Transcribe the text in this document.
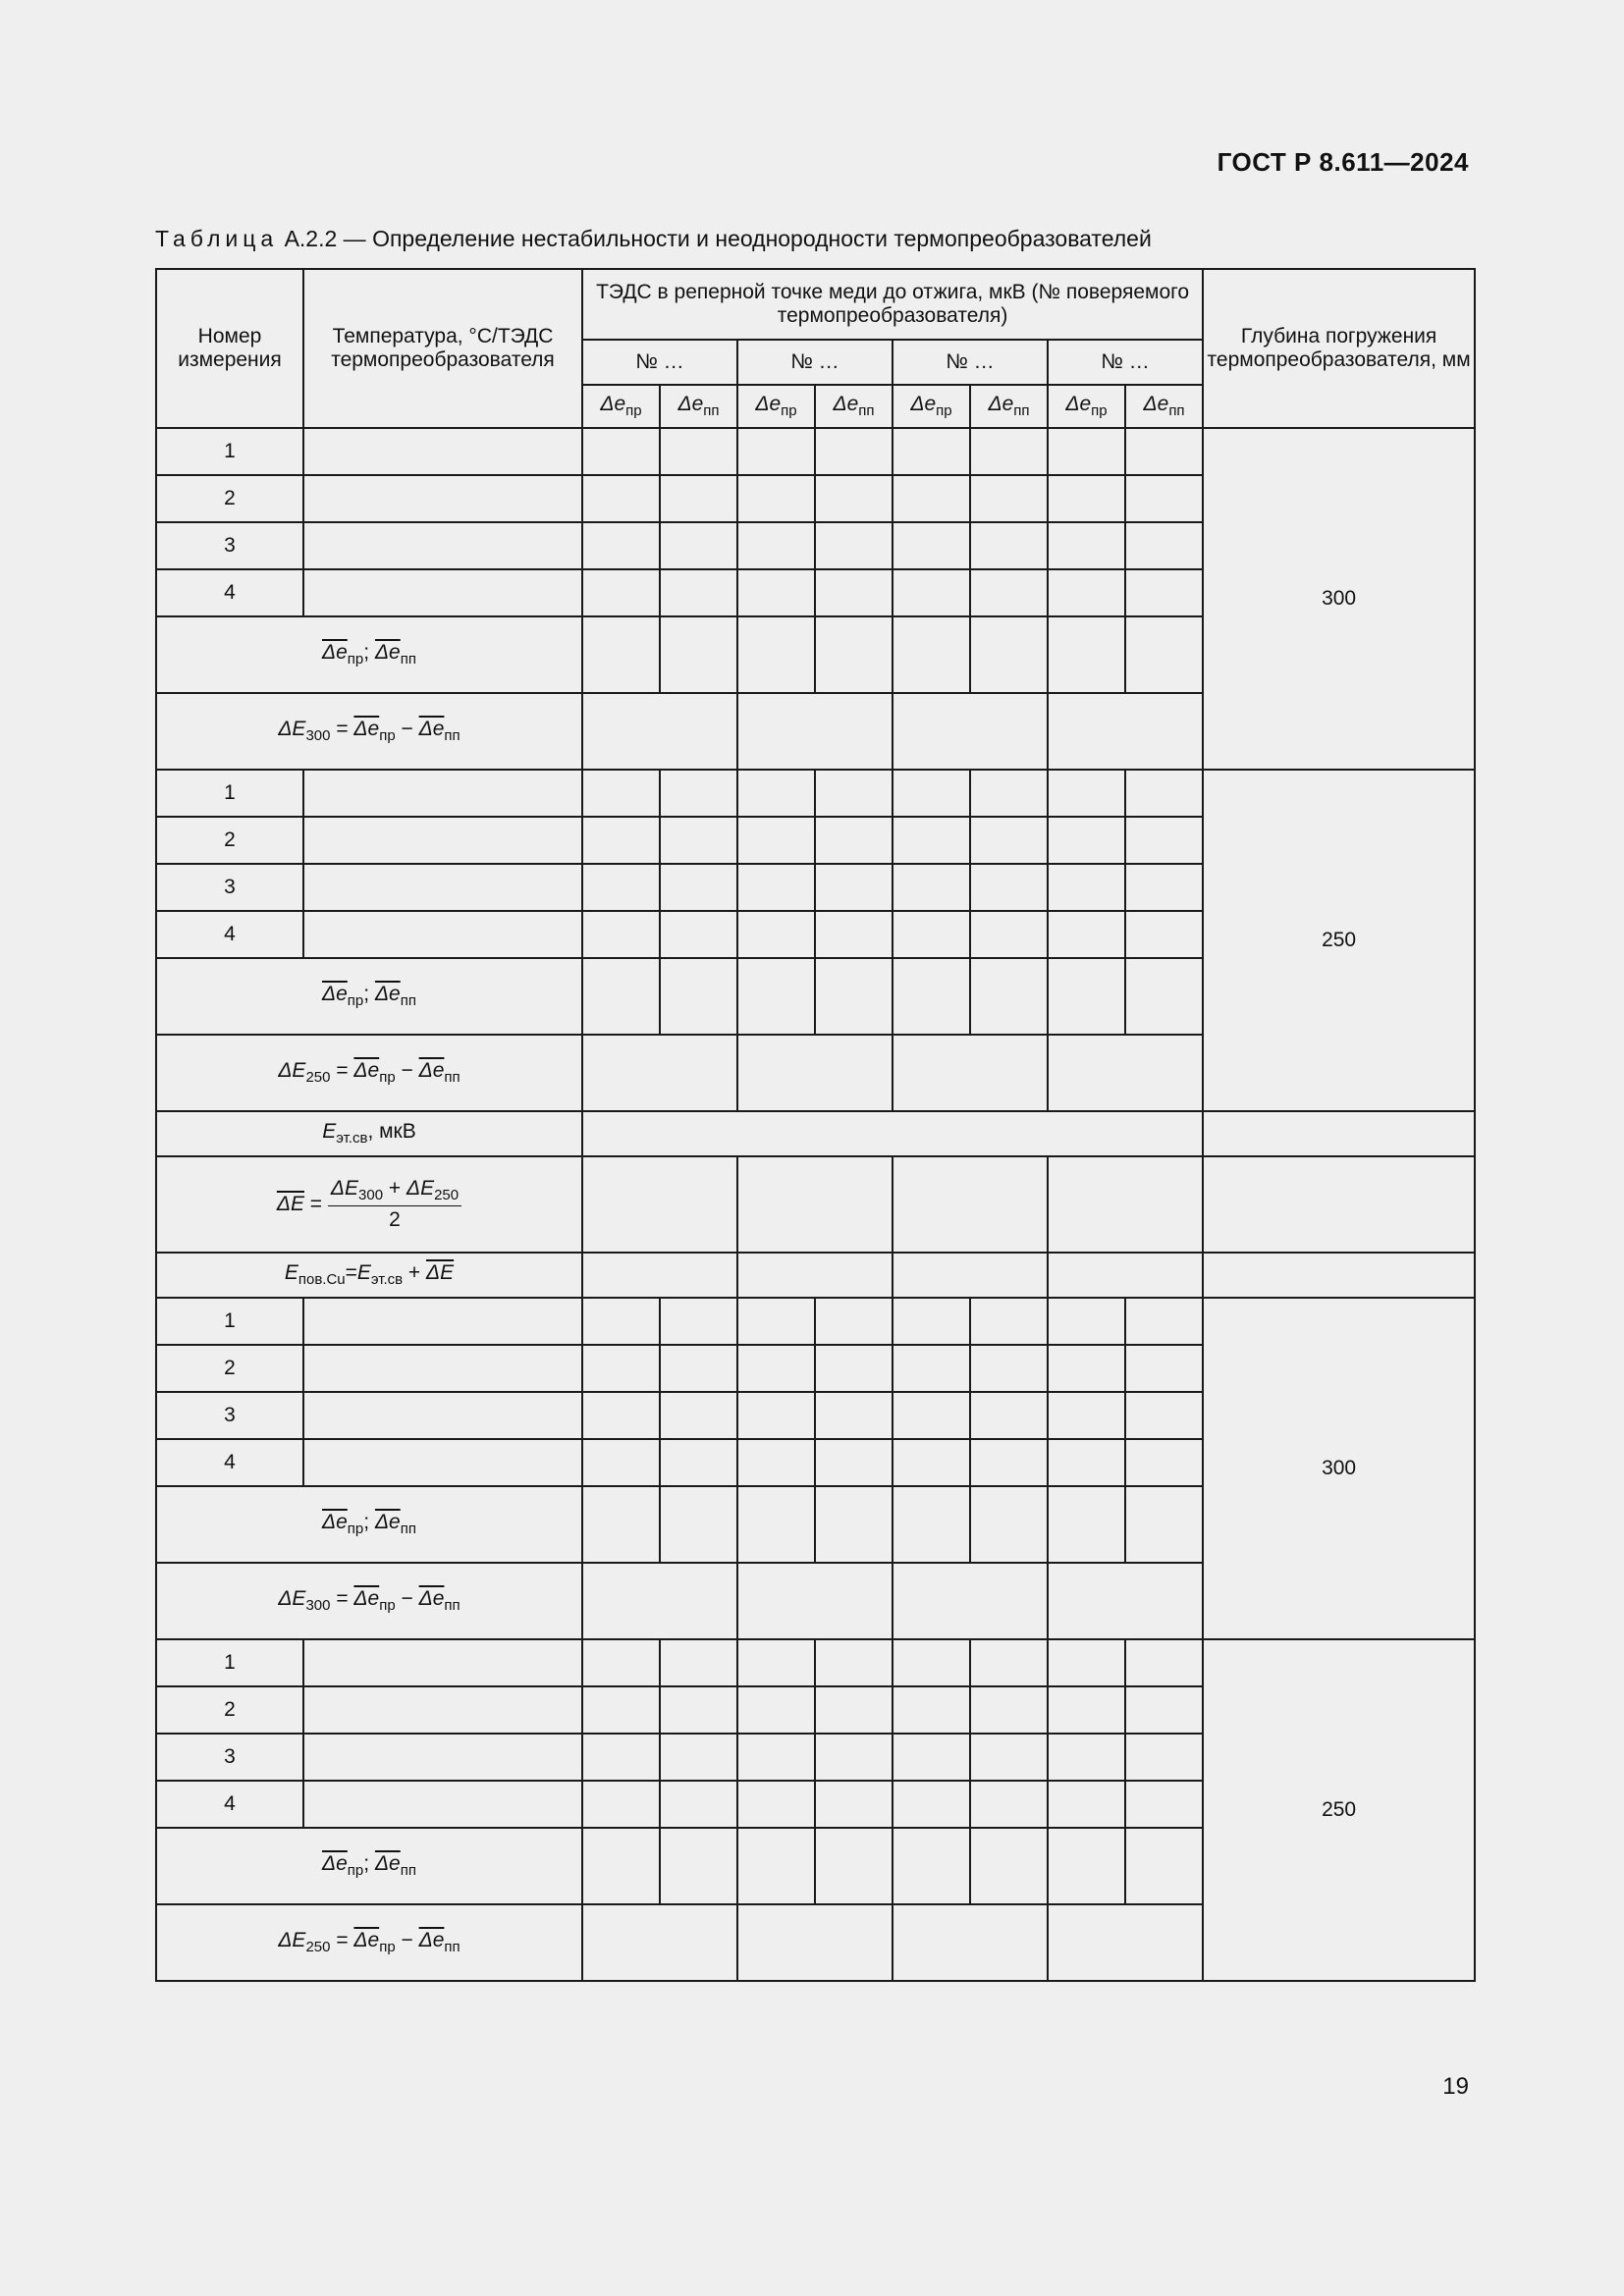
ГОСТ Р 8.611—2024
Таблица А.2.2 — Определение нестабильности и неоднородности термопреобразователей
Номер измерения	Температура, °С/ТЭДС термопреобразователя	ТЭДС в реперной точке меди до отжига, мкВ (№ поверяемого термопреобразователя)								Глубина погружения термопреобразователя, мм
		№ …		№ …		№ …		№ …		
		$\Delta e_{пр}$	$\Delta e_{пп}$	$\Delta e_{пр}$	$\Delta e_{пп}$	$\Delta e_{пр}$	$\Delta e_{пп}$	$\Delta e_{пр}$	$\Delta e_{пп}$
1										300
2										
3										
4										
$\overline{\Delta e}_{пр}$; $\overline{\Delta e}_{пп}$								
$\Delta E_{300} = \overline{\Delta e}_{пр} - \overline{\Delta e}_{пп}$				
1										250
2										
3										
4										
$\overline{\Delta e}_{пр}$; $\overline{\Delta e}_{пп}$								
$\Delta E_{250} = \overline{\Delta e}_{пр} - \overline{\Delta e}_{пп}$				
$E_{эт.св}$, мкВ										
$\overline{\Delta E} = \frac{\Delta E_{300} + \Delta E_{250}}{2}$

$E_{пов.Cu}=E_{эт.св} + \overline{\Delta E}$					
1										300
2										
3										
4										
$\overline{\Delta e}_{пр}$; $\overline{\Delta e}_{пп}$								
$\Delta E_{300} = \overline{\Delta e}_{пр} - \overline{\Delta e}_{пп}$				
1										250
2										
3										
4										
$\overline{\Delta e}_{пр}$; $\overline{\Delta e}_{пп}$								
$\Delta E_{250} = \overline{\Delta e}_{пр} - \overline{\Delta e}_{пп}$				
19
